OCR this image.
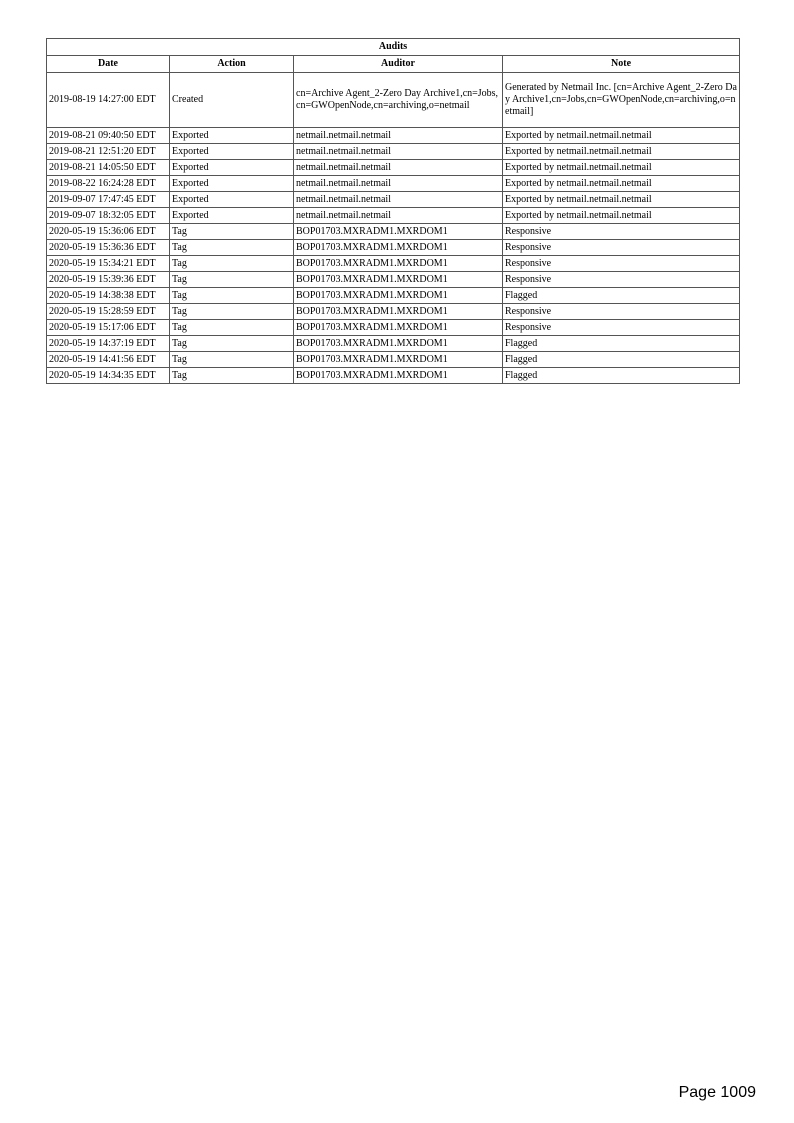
Audits			
Date	Action	Auditor	Note
2019-08-19 14:27:00 EDT	Created	cn=Archive Agent_2-Zero Day Archive1,cn=Jobs,cn=GWOpenNode,cn=archiving,o=netmail	Generated by Netmail Inc. [cn=Archive Agent_2-Zero Day Archive1,cn=Jobs,cn=GWOpenNode,cn=archiving,o=netmail]
2019-08-21 09:40:50 EDT	Exported	netmail.netmail.netmail	Exported by netmail.netmail.netmail
2019-08-21 12:51:20 EDT	Exported	netmail.netmail.netmail	Exported by netmail.netmail.netmail
2019-08-21 14:05:50 EDT	Exported	netmail.netmail.netmail	Exported by netmail.netmail.netmail
2019-08-22 16:24:28 EDT	Exported	netmail.netmail.netmail	Exported by netmail.netmail.netmail
2019-09-07 17:47:45 EDT	Exported	netmail.netmail.netmail	Exported by netmail.netmail.netmail
2019-09-07 18:32:05 EDT	Exported	netmail.netmail.netmail	Exported by netmail.netmail.netmail
2020-05-19 15:36:06 EDT	Tag	BOP01703.MXRADM1.MXRDOM1	Responsive
2020-05-19 15:36:36 EDT	Tag	BOP01703.MXRADM1.MXRDOM1	Responsive
2020-05-19 15:34:21 EDT	Tag	BOP01703.MXRADM1.MXRDOM1	Responsive
2020-05-19 15:39:36 EDT	Tag	BOP01703.MXRADM1.MXRDOM1	Responsive
2020-05-19 14:38:38 EDT	Tag	BOP01703.MXRADM1.MXRDOM1	Flagged
2020-05-19 15:28:59 EDT	Tag	BOP01703.MXRADM1.MXRDOM1	Responsive
2020-05-19 15:17:06 EDT	Tag	BOP01703.MXRADM1.MXRDOM1	Responsive
2020-05-19 14:37:19 EDT	Tag	BOP01703.MXRADM1.MXRDOM1	Flagged
2020-05-19 14:41:56 EDT	Tag	BOP01703.MXRADM1.MXRDOM1	Flagged
2020-05-19 14:34:35 EDT	Tag	BOP01703.MXRADM1.MXRDOM1	Flagged
Page 1009
